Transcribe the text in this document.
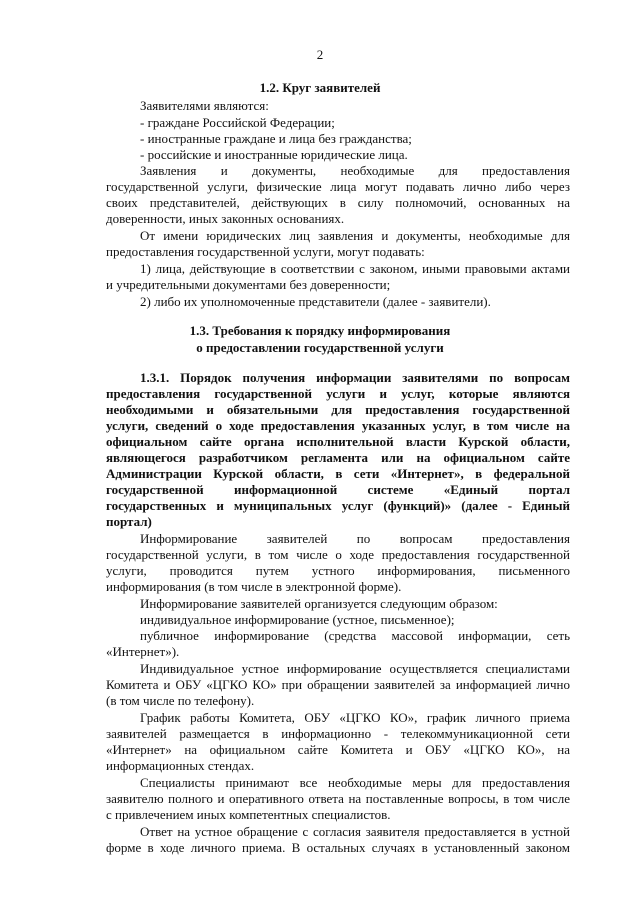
2
1.2. Круг заявителей
Заявителями являются:
- граждане Российской Федерации;
- иностранные граждане и лица без гражданства;
- российские и иностранные юридические лица.
Заявления и документы, необходимые для предоставления
государственной услуги, физические лица могут подавать лично либо через
своих представителей, действующих в силу полномочий, основанных на
доверенности, иных законных основаниях.
От имени юридических лиц заявления и документы, необходимые для
предоставления государственной услуги, могут подавать:
1) лица, действующие в соответствии с законом, иными правовыми актами
и учредительными документами без доверенности;
2) либо их уполномоченные представители (далее - заявители).
1.3. Требования к порядку информирования
о предоставлении государственной услуги
1.3.1. Порядок получения информации заявителями по вопросам
предоставления государственной услуги и услуг, которые являются
необходимыми и обязательными для предоставления государственной
услуги, сведений о ходе предоставления указанных услуг, в том числе на
официальном сайте органа исполнительной власти Курской области,
являющегося разработчиком регламента или на официальном сайте
Администрации Курской области, в сети «Интернет», в федеральной
государственной информационной системе «Единый портал
государственных и муниципальных услуг (функций)» (далее - Единый
портал)
Информирование заявителей по вопросам предоставления
государственной услуги, в том числе о ходе предоставления государственной
услуги, проводится путем устного информирования, письменного
информирования (в том числе в электронной форме).
Информирование заявителей организуется следующим образом:
индивидуальное информирование (устное, письменное);
публичное информирование (средства массовой информации, сеть
«Интернет»).
Индивидуальное устное информирование осуществляется специалистами
Комитета и ОБУ «ЦГКО КО» при обращении заявителей за информацией лично
(в том числе по телефону).
График работы Комитета, ОБУ «ЦГКО КО», график личного приема
заявителей размещается в информационно - телекоммуникационной сети
«Интернет» на официальном сайте Комитета и ОБУ «ЦГКО КО», на
информационных стендах.
Специалисты принимают все необходимые меры для предоставления
заявителю полного и оперативного ответа на поставленные вопросы, в том числе
с привлечением иных компетентных специалистов.
Ответ на устное обращение с согласия заявителя предоставляется в устной
форме в ходе личного приема. В остальных случаях в установленный законом
